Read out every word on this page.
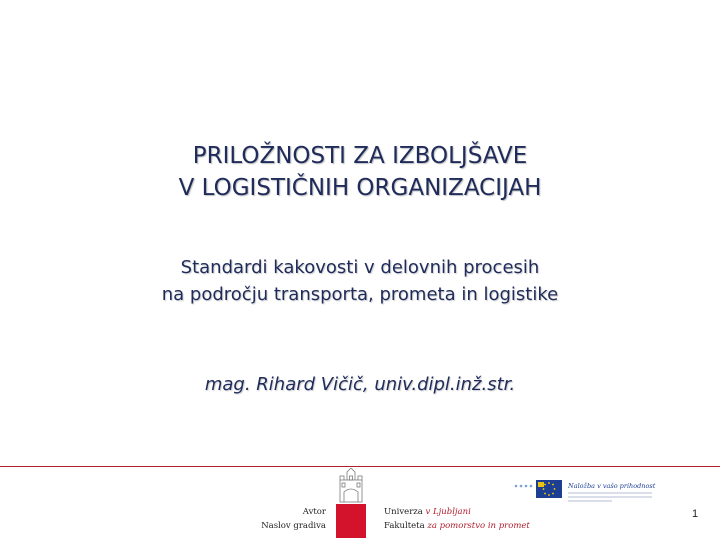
PRILOŽNOSTI ZA IZBOLJŠAVE
V LOGISTIČNIH ORGANIZACIJAH
Standardi kakovosti v delovnih procesih
na področju transporta, prometa in logistike
mag. Rihard Vičič, univ.dipl.inž.str.
Avtor
Naslov gradiva
Univerza v Ljubljani
Fakulteta za pomorstvo in promet
Naložba v vašo prihodnost
1
